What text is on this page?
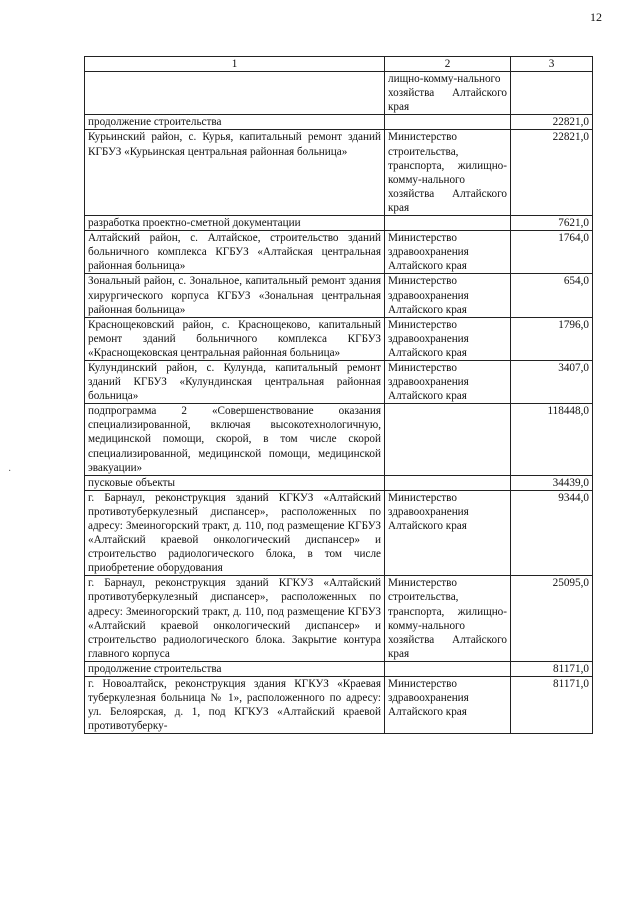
12
·
1	2	3
	лищно-комму-нального хозяйства Алтайского края	
продолжение строительства		22821,0
Курьинский район, с. Курья, капитальный ремонт зданий КГБУЗ «Курьинская центральная районная больница»	Министерство строительства, транспорта, жилищно-комму-нального хозяйства Алтайского края	22821,0
разработка проектно-сметной документации		7621,0
Алтайский район, с. Алтайское, строительство зданий больничного комплекса КГБУЗ «Алтайская центральная районная больница»	Министерство здравоохранения Алтайского края	1764,0
Зональный район, с. Зональное, капитальный ремонт здания хирургического корпуса КГБУЗ «Зональная центральная районная больница»	Министерство здравоохранения Алтайского края	654,0
Краснощековский район, с. Краснощеково, капитальный ремонт зданий больничного комплекса КГБУЗ «Краснощековская центральная районная больница»	Министерство здравоохранения Алтайского края	1796,0
Кулундинский район, с. Кулунда, капитальный ремонт зданий КГБУЗ «Кулундинская центральная районная больница»	Министерство здравоохранения Алтайского края	3407,0
подпрограмма 2 «Совершенствование оказания специализированной, включая высокотехнологичную, медицинской помощи, скорой, в том числе скорой специализированной, медицинской помощи, медицинской эвакуации»		118448,0
пусковые объекты		34439,0
г. Барнаул, реконструкция зданий КГКУЗ «Алтайский противотуберкулезный диспансер», расположенных по адресу: Змеиногорский тракт, д. 110, под размещение КГБУЗ «Алтайский краевой онкологический диспансер» и строительство радиологического блока, в том числе приобретение оборудования	Министерство здравоохранения Алтайского края	9344,0
г. Барнаул, реконструкция зданий КГКУЗ «Алтайский противотуберкулезный диспансер», расположенных по адресу: Змеиногорский тракт, д. 110, под размещение КГБУЗ «Алтайский краевой онкологический диспансер» и строительство радиологического блока. Закрытие контура главного корпуса	Министерство строительства, транспорта, жилищно-комму-нального хозяйства Алтайского края	25095,0
продолжение строительства		81171,0
г. Новоалтайск, реконструкция здания КГКУЗ «Краевая туберкулезная больница № 1», расположенного по адресу: ул. Белоярская, д. 1, под КГКУЗ «Алтайский краевой противотуберку-	Министерство здравоохранения Алтайского края	81171,0
